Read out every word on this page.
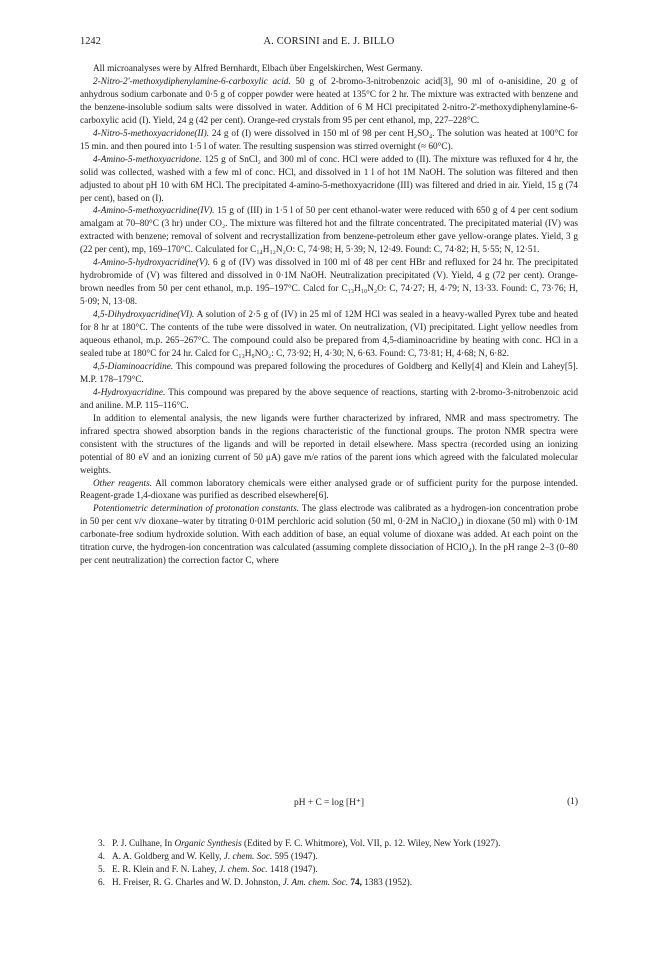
1242	A. CORSINI and E. J. BILLO

All microanalyses were by Alfred Bernhardt, Elbach über Engelskirchen, West Germany.

2-Nitro-2'-methoxydiphenylamine-6-carboxylic acid. 50 g of 2-bromo-3-nitrobenzoic acid[3], 90 ml of o-anisidine, 20 g of anhydrous sodium carbonate and 0·5 g of copper powder were heated at 135°C for 2 hr. The mixture was extracted with benzene and the benzene-insoluble sodium salts were dissolved in water. Addition of 6 M HCl precipitated 2-nitro-2'-methoxydiphenylamine-6-carboxylic acid (I). Yield, 24 g (42 per cent). Orange-red crystals from 95 per cent ethanol, mp, 227–228°C.

4-Nitro-5-methoxyacridone(II). 24 g of (I) were dissolved in 150 ml of 98 per cent H₂SO₄. The solution was heated at 100°C for 15 min. and then poured into 1·5 l of water. The resulting suspension was stirred overnight (≈ 60°C).

4-Amino-5-methoxyacridone. 125 g of SnCl₂ and 300 ml of conc. HCl were added to (II). The mixture was refluxed for 4 hr, the solid was collected, washed with a few ml of conc. HCl, and dissolved in 1 l of hot 1M NaOH. The solution was filtered and then adjusted to about pH 10 with 6M HCl. The precipitated 4-amino-5-methoxyacridone (III) was filtered and dried in air. Yield, 15 g (74 per cent), based on (I).

4-Amino-5-methoxyacridine(IV). 15 g of (III) in 1·5 l of 50 per cent ethanol-water were reduced with 650 g of 4 per cent sodium amalgam at 70–80°C (3 hr) under CO₂. The mixture was filtered hot and the filtrate concentrated. The precipitated material (IV) was extracted with benzene; removal of solvent and recrystallization from benzene-petroleum ether gave yellow-orange plates. Yield, 3 g (22 per cent), mp, 169–170°C. Calculated for C₁₄H₁₂N₂O: C, 74·98; H, 5·39; N, 12·49. Found: C, 74·82; H, 5·55; N, 12·51.

4-Amino-5-hydroxyacridine(V). 6 g of (IV) was dissolved in 100 ml of 48 per cent HBr and refluxed for 24 hr. The precipitated hydrobromide of (V) was filtered and dissolved in 0·1M NaOH. Neutralization precipitated (V). Yield, 4 g (72 per cent). Orange-brown needles from 50 per cent ethanol, m.p. 195–197°C. Calcd for C₁₃H₁₀N₂O: C, 74·27; H, 4·79; N, 13·33. Found: C, 73·76; H, 5·09; N, 13·08.

4,5-Dihydroxyacridine(VI). A solution of 2·5 g of (IV) in 25 ml of 12M HCl was sealed in a heavy-walled Pyrex tube and heated for 8 hr at 180°C. The contents of the tube were dissolved in water. On neutralization, (VI) precipitated. Light yellow needles from aqueous ethanol, m.p. 265–267°C. The compound could also be prepared from 4,5-diaminoacridine by heating with conc. HCl in a sealed tube at 180°C for 24 hr. Calcd for C₁₃H₉NO₂: C, 73·92; H, 4·30; N, 6·63. Found: C, 73·81; H, 4·68; N, 6·82.

4,5-Diaminoacridine. This compound was prepared following the procedures of Goldberg and Kelly[4] and Klein and Lahey[5]. M.P. 178–179°C.

4-Hydroxyacridine. This compound was prepared by the above sequence of reactions, starting with 2-bromo-3-nitrobenzoic acid and aniline. M.P. 115–116°C.

In addition to elemental analysis, the new ligands were further characterized by infrared, NMR and mass spectrometry. The infrared spectra showed absorption bands in the regions characteristic of the functional groups. The proton NMR spectra were consistent with the structures of the ligands and will be reported in detail elsewhere. Mass spectra (recorded using an ionizing potential of 80 eV and an ionizing current of 50 μA) gave m/e ratios of the parent ions which agreed with the falculated molecular weights.

Other reagents. All common laboratory chemicals were either analysed grade or of sufficient purity for the purpose intended. Reagent-grade 1,4-dioxane was purified as described elsewhere[6].

Potentiometric determination of protonation constants. The glass electrode was calibrated as a hydrogen-ion concentration probe in 50 per cent v/v dioxane–water by titrating 0·01M perchloric acid solution (50 ml, 0·2M in NaClO₄) in dioxane (50 ml) with 0·1M carbonate-free sodium hydroxide solution. With each addition of base, an equal volume of dioxane was added. At each point on the titration curve, the hydrogen-ion concentration was calculated (assuming complete dissociation of HClO₄). In the pH range 2–3 (0–80 per cent neutralization) the correction factor C, where

pH + C = log [H⁺]	(1)
3. P. J. Culhane, In Organic Synthesis (Edited by F. C. Whitmore), Vol. VII, p. 12. Wiley, New York (1927).
4. A. A. Goldberg and W. Kelly, J. chem. Soc. 595 (1947).
5. E. R. Klein and F. N. Lahey, J. chem. Soc. 1418 (1947).
6. H. Freiser, R. G. Charles and W. D. Johnston, J. Am. chem. Soc. 74, 1383 (1952).
